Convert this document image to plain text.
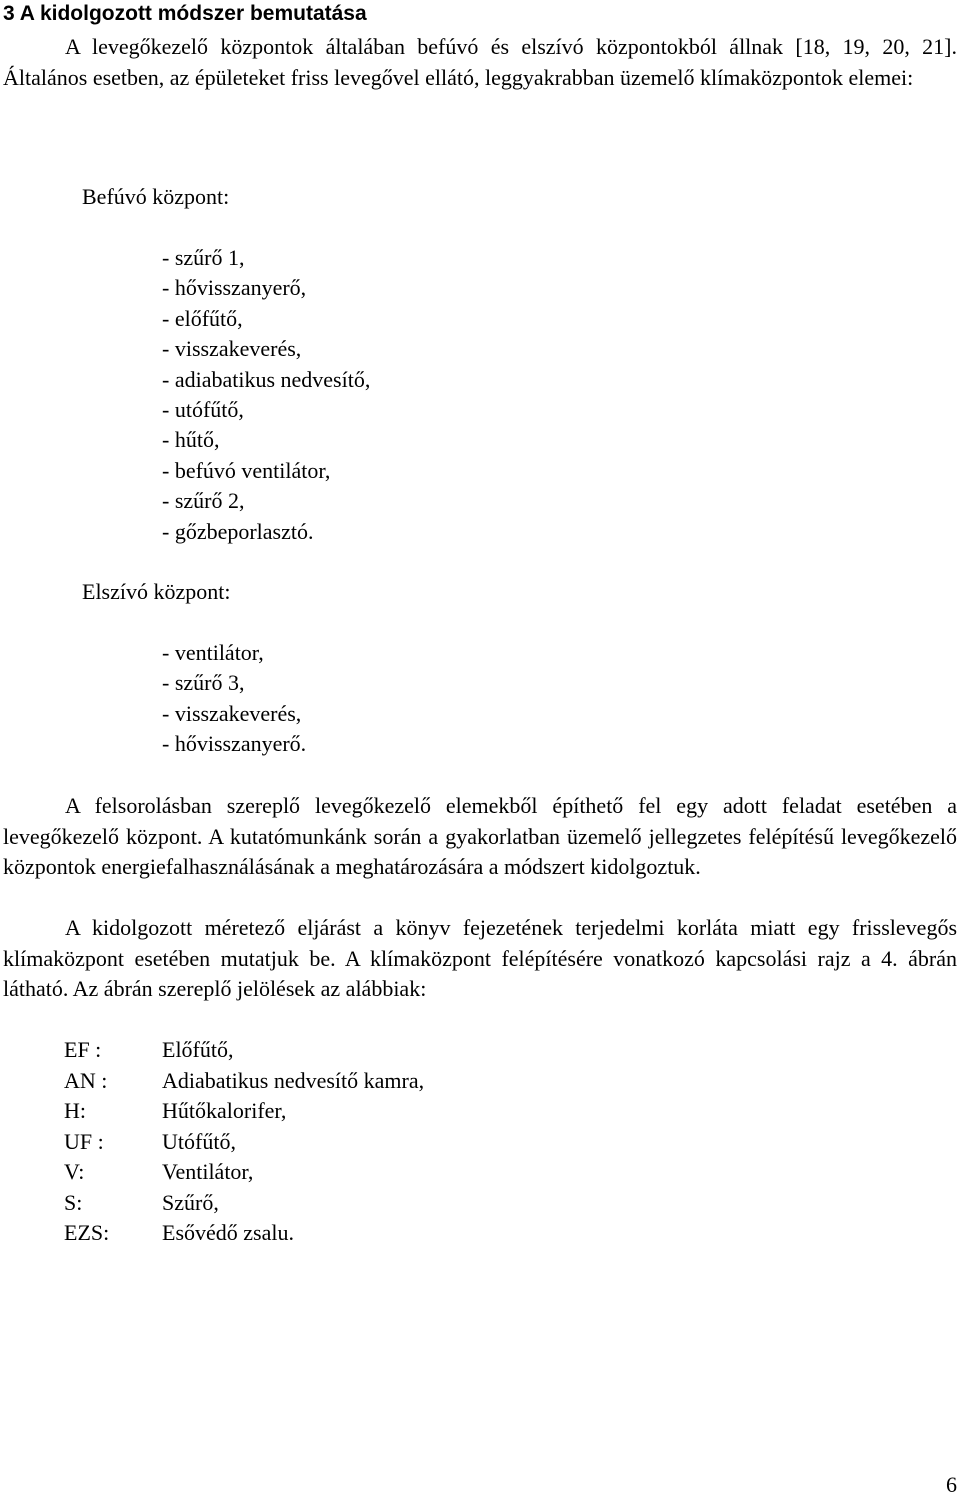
3 A kidolgozott módszer bemutatása

A levegőkezelő központok általában befúvó és elszívó központokból állnak [18, 19, 20, 21]. Általános esetben, az épületeket friss levegővel ellátó, leggyakrabban üzemelő klímaközpontok elemei:

Befúvó központ:
- szűrő 1,
- hővisszanyerő,
- előfűtő,
- visszakeverés,
- adiabatikus nedvesítő,
- utófűtő,
- hűtő,
- befúvó ventilátor,
- szűrő 2,
- gőzbeporlasztó.
Elszívó központ:
- ventilátor,
- szűrő 3,
- visszakeverés,
- hővisszanyerő.

A felsorolásban szereplő levegőkezelő elemekből építhető fel egy adott feladat esetében a levegőkezelő központ. A kutatómunkánk során a gyakorlatban üzemelő jellegzetes felépítésű levegőkezelő központok energiefalhasználásának a meghatározására a módszert kidolgoztuk.

A kidolgozott méretező eljárást a könyv fejezetének terjedelmi korláta miatt egy frisslevegős klímaközpont esetében mutatjuk be. A klímaközpont felépítésére vonatkozó kapcsolási rajz a 4. ábrán látható. Az ábrán szereplő jelölések az alábbiak:

EF :	Előfűtő,
AN : Adiabatikus nedvesítő kamra,
H:	Hűtőkalorifer,
UF :	Utófűtő,
V:	Ventilátor,
S:	Szűrő,
EZS: Esővédő zsalu.
6
